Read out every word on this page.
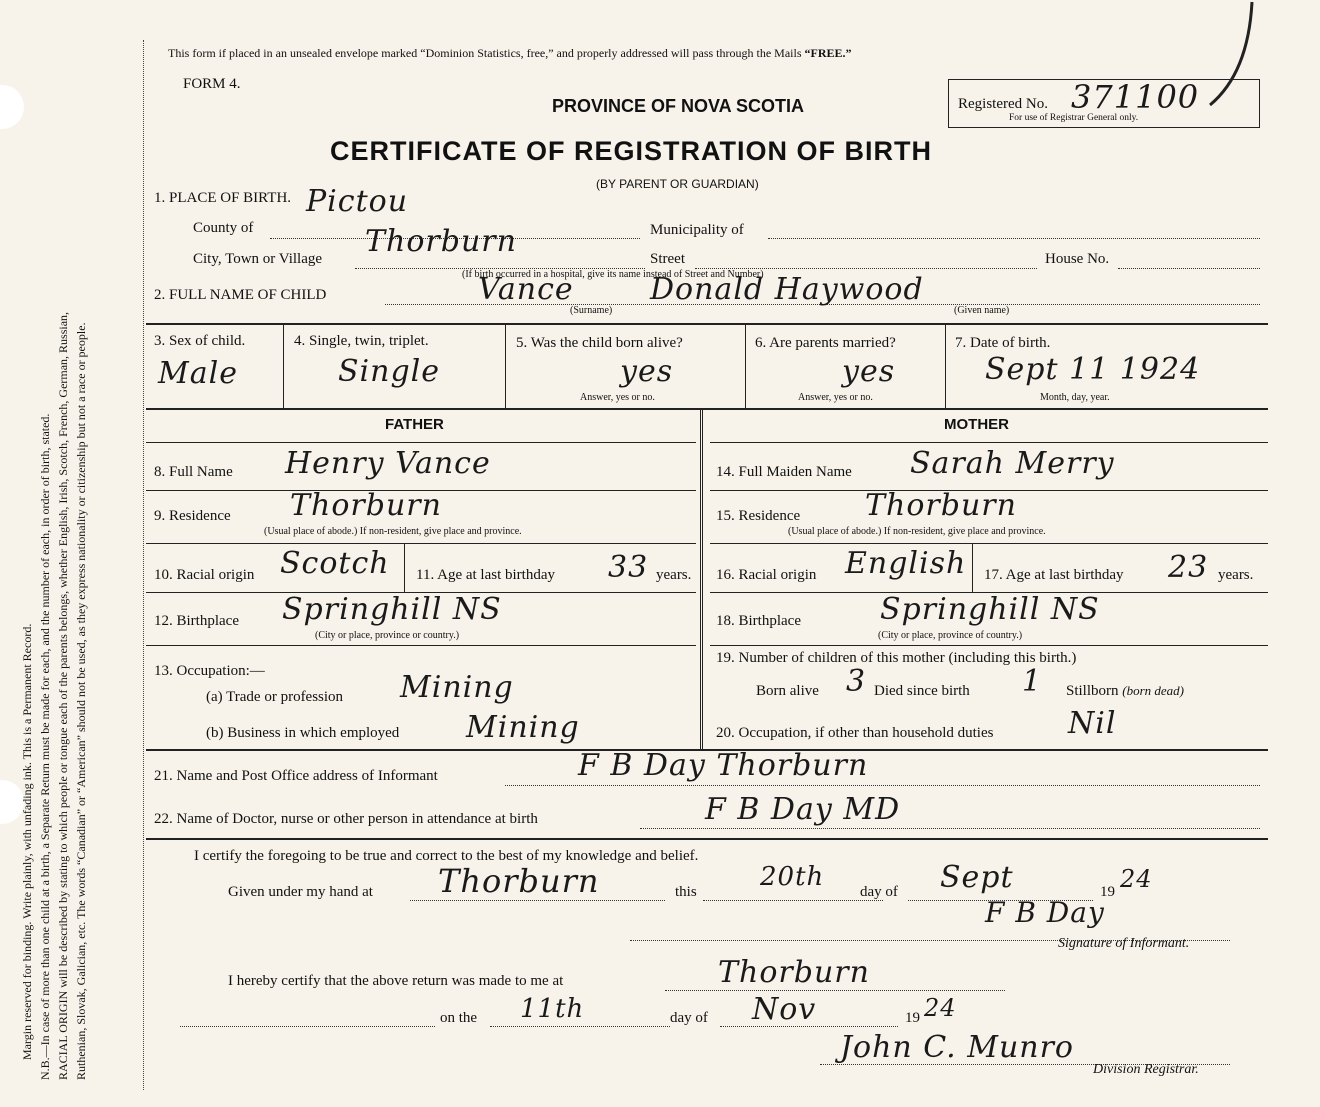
Margin reserved for binding. Write plainly, with unfading ink. This is a Permanent Record. N.B.—In case of more than one child at a birth, a Separate Return must be made for each, and the number of each, in order of birth, stated. RACIAL ORIGIN will be described by stating to which people or tongue each of the parents belongs, whether English, Irish, Scotch, French, German, Russian, Ruthenian, Slovak, Galician, etc. The words “Canadian” or “American” should not be used, as they express nationality or citizenship but not a race or people.

This form if placed in an unsealed envelope marked “Dominion Statistics, free,” and properly addressed will pass through the Mails “FREE.”
FORM 4.
PROVINCE OF NOVA SCOTIA
CERTIFICATE OF REGISTRATION OF BIRTH
(BY PARENT OR GUARDIAN)
Registered No. 371100
For use of Registrar General only.
1. PLACE OF BIRTH.
County of
Pictou
Municipality of
City, Town or Village Thorburn	Street	House No.
(If birth occurred in a hospital, give its name instead of Street and Number)
2. FULL NAME OF CHILD	Vance	Donald Haywood
(Surname)	(Given name)
3. Sex of child.
Male
4. Single, twin, triplet.
Single
5. Was the child born alive?
yes
Answer, yes or no.
6. Are parents married?
yes
Answer, yes or no.
7. Date of birth.
Sept 11 1924
Month, day, year.
FATHER	MOTHER
8. Full Name Henry Vance
9. Residence Thorburn
(Usual place of abode.) If non-resident, give place and province.
10. Racial origin Scotch 11. Age at last birthday 33 years.
12. Birthplace Springhill NS
(City or place, province or country.)
13. Occupation:—
(a) Trade or profession Mining
(b) Business in which employed Mining
14. Full Maiden Name Sarah Merry
15. Residence Thorburn
(Usual place of abode.) If non-resident, give place and province.
16. Racial origin English 17. Age at last birthday 23 years.
18. Birthplace	Springhill NS
(City or place, province of country.)
19. Number of children of this mother (including this birth.)
Born alive 3 Died since birth 1 Stillborn (born dead)
20. Occupation, if other than household duties Nil
21. Name and Post Office address of Informant	F B Day Thorburn
22. Name of Doctor, nurse or other person in attendance at birth	F B Day MD
I certify the foregoing to be true and correct to the best of my knowledge and belief.
Given under my hand at Thorburn	this 20th day of Sept	19 24
F B Day
Signature of Informant.
I hereby certify that the above return was made to me at	Thorburn
on the 11th	day of Nov	19 24
John C. Munro
Division Registrar.
